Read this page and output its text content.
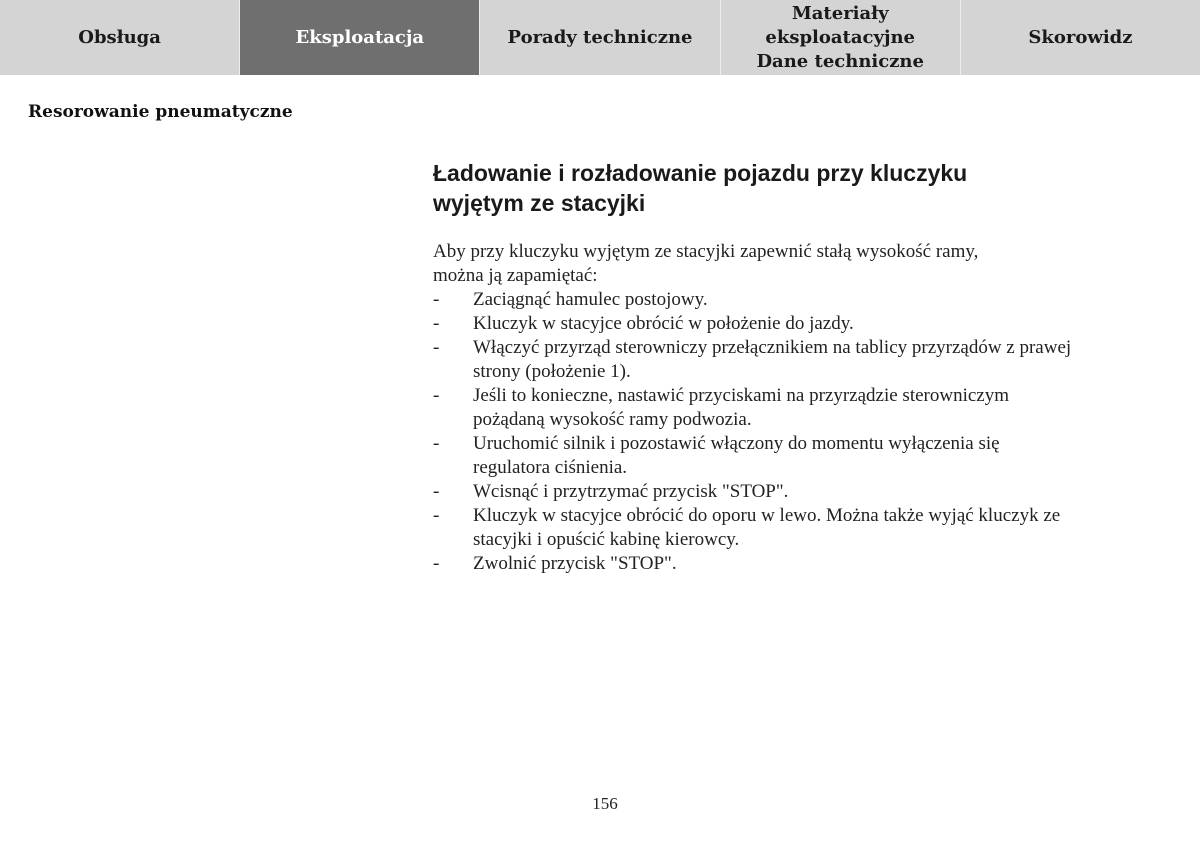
Obsługa	Eksploatacja	Porady techniczne
Materiały eksploatacyjne
Dane techniczne
Skorowidz
Resorowanie pneumatyczne
Ładowanie i rozładowanie pojazdu przy kluczyku wyjętym ze stacyjki

Aby przy kluczyku wyjętym ze stacyjki zapewnić stałą wysokość ramy, można ją zapamiętać:

- Zaciągnąć hamulec postojowy.
- Kluczyk w stacyjce obrócić w położenie do jazdy.
- Włączyć przyrząd sterowniczy przełącznikiem na tablicy przyrządów z prawej strony (położenie 1).
- Jeśli to konieczne, nastawić przyciskami na przyrządzie sterowniczym pożądaną wysokość ramy podwozia.
- Uruchomić silnik i pozostawić włączony do momentu wyłączenia się regulatora ciśnienia.
- Wcisnąć i przytrzymać przycisk "STOP".
- Kluczyk w stacyjce obrócić do oporu w lewo. Można także wyjąć kluczyk ze stacyjki i opuścić kabinę kierowcy.
- Zwolnić przycisk "STOP".
156
